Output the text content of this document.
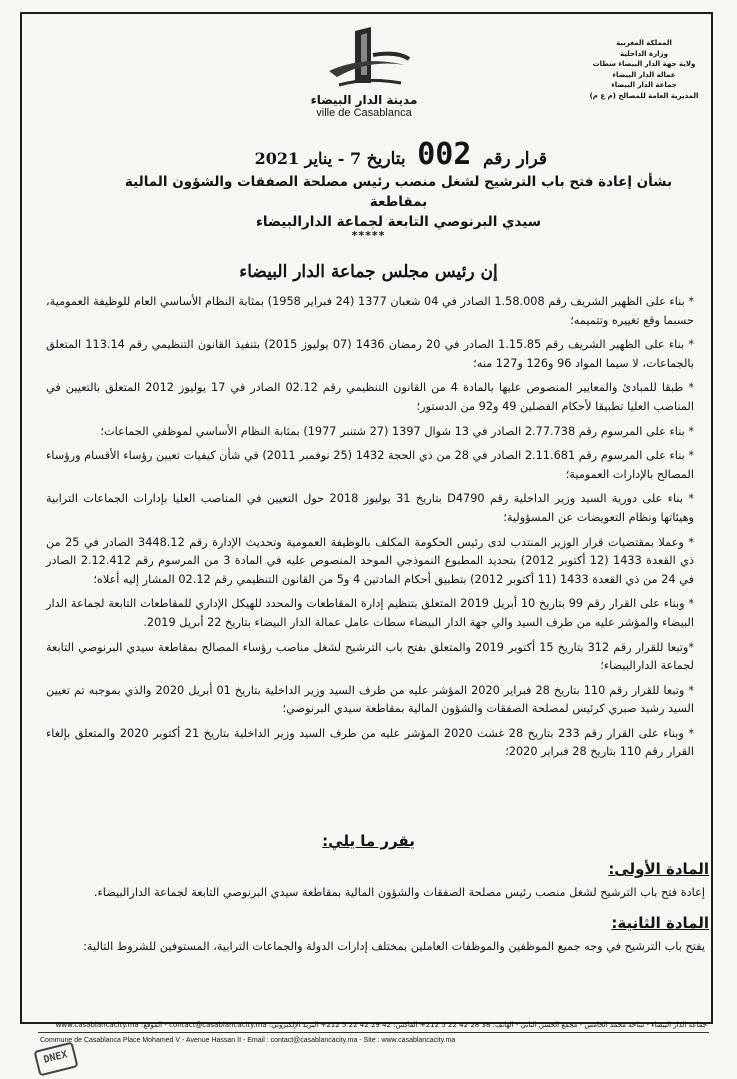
المملكة المغربية
وزارة الداخلية
ولاية جهة الدار البيضاء سطات
عمالة الدار البيضاء
جماعة الدار البيضاء
المديرية العامة للمصالح (م ع م)
مدينة الدار البيضاء
ville de Casablanca
قرار رقم 002 بتاريخ 7 - يناير 2021
بشأن إعادة فتح باب الترشيح لشغل منصب رئيس مصلحة الصفقات والشؤون المالية بمقاطعة
سيدي البرنوصي التابعة لجماعة الدارالبيضاء
*****
إن رئيس مجلس جماعة الدار البيضاء

* بناء على الظهير الشريف رقم 1.58.008 الصادر في 04 شعبان 1377 (24 فبراير 1958) بمثابة النظام الأساسي العام للوظيفة العمومية، حسبما وقع تغييره وتتميمه؛

* بناء على الظهير الشريف رقم 1.15.85 الصادر في 20 رمضان 1436 (07 يوليوز 2015) بتنفيذ القانون التنظيمي رقم 113.14 المتعلق بالجماعات، لا سيما المواد 96 و126 و127 منه؛

* طبقا للمبادئ والمعايير المنصوص عليها بالمادة 4 من القانون التنظيمي رقم 02.12 الصادر في 17 يوليوز 2012 المتعلق بالتعيين في المناصب العليا تطبيقا لأحكام الفصلين 49 و92 من الدستور؛

* بناء على المرسوم رقم 2.77.738 الصادر في 13 شوال 1397 (27 شتنبر 1977) بمثابة النظام الأساسي لموظفي الجماعات؛

* بناء على المرسوم رقم 2.11.681 الصادر في 28 من ذي الحجة 1432 (25 نوفمبر 2011) في شأن كيفيات تعيين رؤساء الأقسام ورؤساء المصالح بالإدارات العمومية؛

* بناء على دورية السيد وزير الداخلية رقم D4790 بتاريخ 31 يوليوز 2018 حول التعيين في المناصب العليا بإدارات الجماعات الترابية وهيئاتها ونظام التعويضات عن المسؤولية؛

* وعملا بمقتضيات قرار الوزير المنتدب لدى رئيس الحكومة المكلف بالوظيفة العمومية وتحديث الإدارة رقم 3448.12 الصادر في 25 من ذي القعدة 1433 (12 أكتوبر 2012) بتحديد المطبوع النموذجي الموحد المنصوص عليه في المادة 3 من المرسوم رقم 2.12.412 الصادر في 24 من ذي القعدة 1433 (11 أكتوبر 2012) بتطبيق أحكام المادتين 4 و5 من القانون التنظيمي رقم 02.12 المشار إليه أعلاه؛

* وبناء على القرار رقم 99 بتاريخ 10 أبريل 2019 المتعلق بتنظيم إدارة المقاطعات والمحدد للهيكل الإداري للمقاطعات التابعة لجماعة الدار البيضاء والمؤشر عليه من طرف السيد والي جهة الدار البيضاء سطات عامل عمالة الدار البيضاء بتاريخ 22 أبريل 2019.

*وتبعا للقرار رقم 312 بتاريخ 15 أكتوبر 2019 والمتعلق بفتح باب الترشيح لشغل مناصب رؤساء المصالح بمقاطعة سيدي البرنوصي التابعة لجماعة الدارالبيضاء؛

* وتبعا للقرار رقم 110 بتاريخ 28 فبراير 2020 المؤشر عليه من طرف السيد وزير الداخلية بتاريخ 01 أبريل 2020 والذي بموجبه تم تعيين السيد رشيد صبري كرئيس لمصلحة الصفقات والشؤون المالية بمقاطعة سيدي البرنوصي؛

* وبناء على القرار رقم 233 بتاريخ 28 غشت 2020 المؤشر عليه من طرف السيد وزير الداخلية بتاريخ 21 أكتوبر 2020 والمتعلق بإلغاء القرار رقم 110 بتاريخ 28 فبراير 2020؛

يقرر ما يلي:
المادة الأولى:
إعادة فتح باب الترشيح لشغل منصب رئيس مصلحة الصفقات والشؤون المالية بمقاطعة سيدي البرنوصي التابعة لجماعة الدارالبيضاء.
المادة الثانية:
يفتح باب الترشيح في وجه جميع الموظفين والموظفات العاملين بمختلف إدارات الدولة والجماعات الترابية، المستوفين للشروط التالية:
جماعة الدار البيضاء - ساحة محمد الخامس - مجمع الحسن الثاني - الهاتف: 38 28 42 22 5 212+ الفاكس: 42 29 42 22 5 212+ البريد الإلكتروني: contact@casablancacity.ma - الموقع: www.casablancacity.ma
Commune de Casablanca Place Mohamed V - Avenue Hassan II - Email : contact@casablancacity.ma - Site : www.casablancacity.ma
DNEX
